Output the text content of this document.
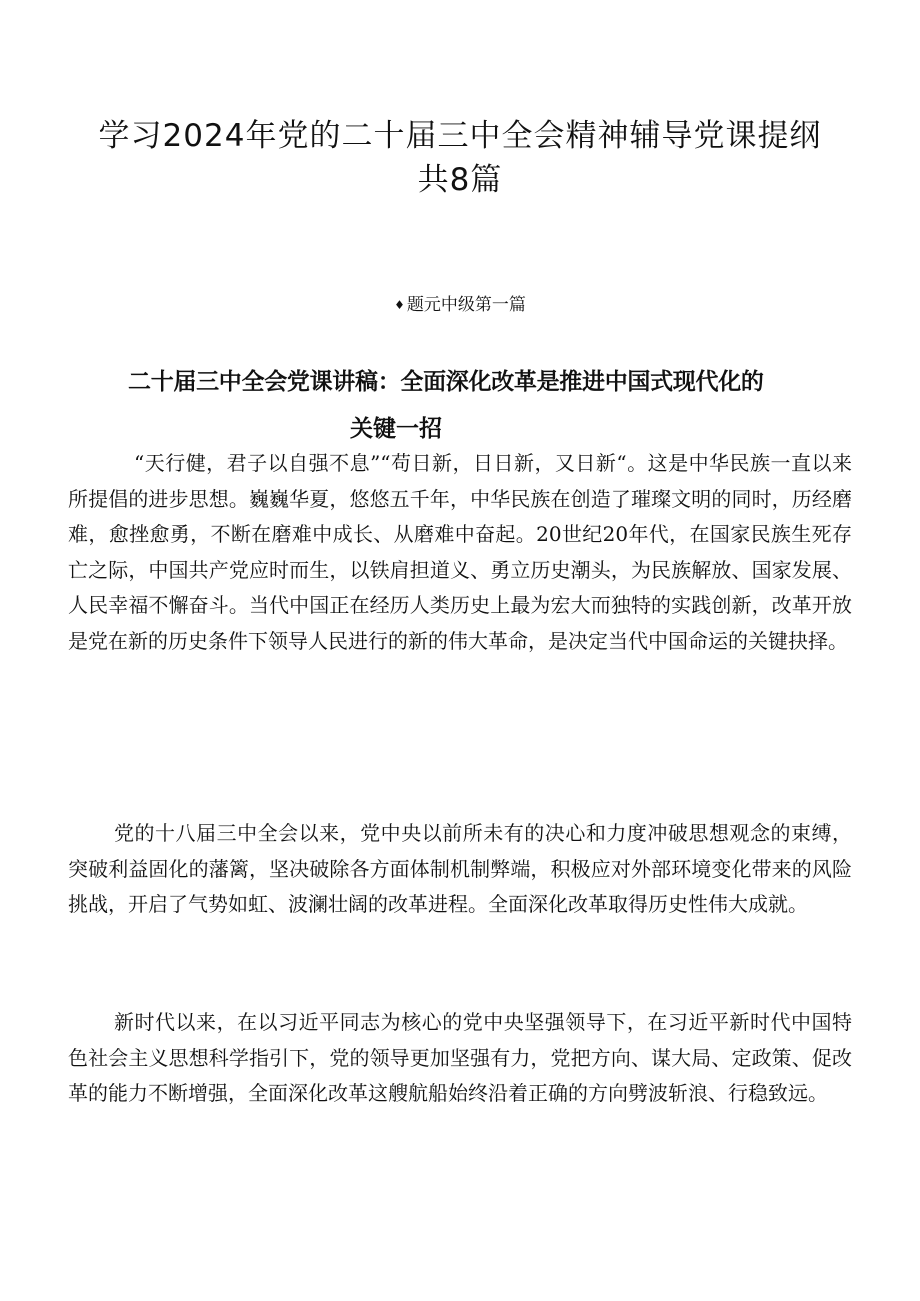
学习2024年党的二十届三中全会精神辅导党课提纲
共8篇
♦ 题元中级第一篇
二十届三中全会党课讲稿：全面深化改革是推进中国式现代化的
关键一招

“天行健，君子以自强不息”“苟日新，日日新，又日新“。这是中华民族一直以来所提倡的进步思想。巍巍华夏，悠悠五千年，中华民族在创造了璀璨文明的同时，历经磨难，愈挫愈勇，不断在磨难中成长、从磨难中奋起。20世纪20年代，在国家民族生死存亡之际，中国共产党应时而生，以铁肩担道义、勇立历史潮头，为民族解放、国家发展、人民幸福不懈奋斗。当代中国正在经历人类历史上最为宏大而独特的实践创新，改革开放是党在新的历史条件下领导人民进行的新的伟大革命，是决定当代中国命运的关键抉择。

党的十八届三中全会以来，党中央以前所未有的决心和力度冲破思想观念的束缚，突破利益固化的藩篱，坚决破除各方面体制机制弊端，积极应对外部环境变化带来的风险挑战，开启了气势如虹、波澜壮阔的改革进程。全面深化改革取得历史性伟大成就。

新时代以来，在以习近平同志为核心的党中央坚强领导下，在习近平新时代中国特色社会主义思想科学指引下，党的领导更加坚强有力，党把方向、谋大局、定政策、促改革的能力不断增强，全面深化改革这艘航船始终沿着正确的方向劈波斩浪、行稳致远。
